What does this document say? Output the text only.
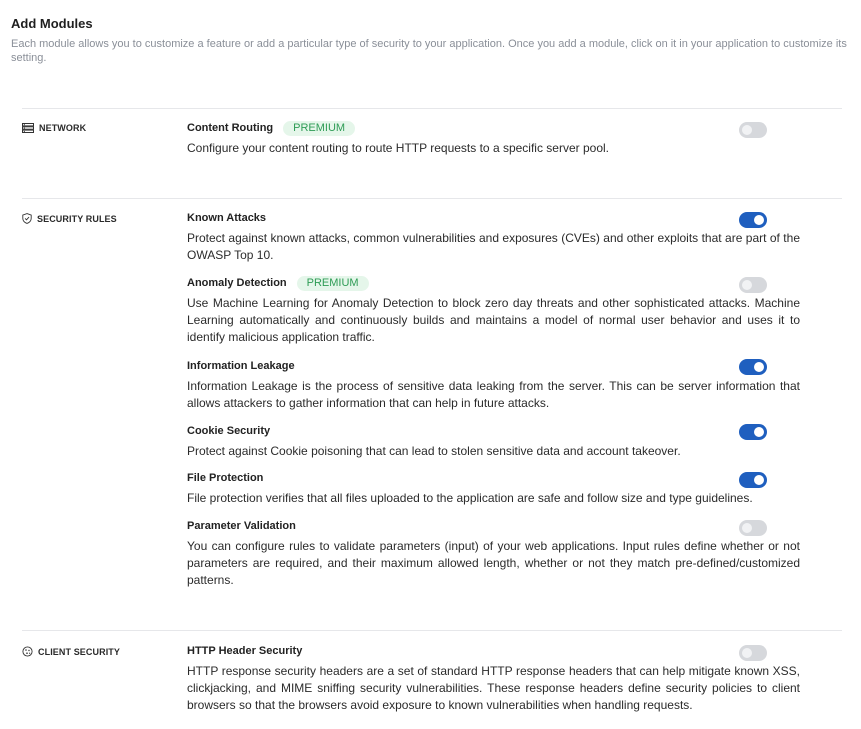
Add Modules
Each module allows you to customize a feature or add a particular type of security to your application. Once you add a module, click on it in your application to customize its setting.
NETWORK	Content Routing	PREMIUM
Configure your content routing to route HTTP requests to a specific server pool.
SECURITY RULES	Known Attacks
Protect against known attacks, common vulnerabilities and exposures (CVEs) and other exploits that are part of the OWASP Top 10.
Anomaly Detection	PREMIUM
Use Machine Learning for Anomaly Detection to block zero day threats and other sophisticated attacks. Machine Learning automatically and continuously builds and maintains a model of normal user behavior and uses it to identify malicious application traffic.
Information Leakage
Information Leakage is the process of sensitive data leaking from the server. This can be server information that allows attackers to gather information that can help in future attacks.
Cookie Security
Protect against Cookie poisoning that can lead to stolen sensitive data and account takeover.
File Protection
File protection verifies that all files uploaded to the application are safe and follow size and type guidelines.
Parameter Validation
You can configure rules to validate parameters (input) of your web applications. Input rules define whether or not parameters are required, and their maximum allowed length, whether or not they match pre-defined/customized patterns.
CLIENT SECURITY	HTTP Header Security
HTTP response security headers are a set of standard HTTP response headers that can help mitigate known XSS, clickjacking, and MIME sniffing security vulnerabilities. These response headers define security policies to client browsers so that the browsers avoid exposure to known vulnerabilities when handling requests.
